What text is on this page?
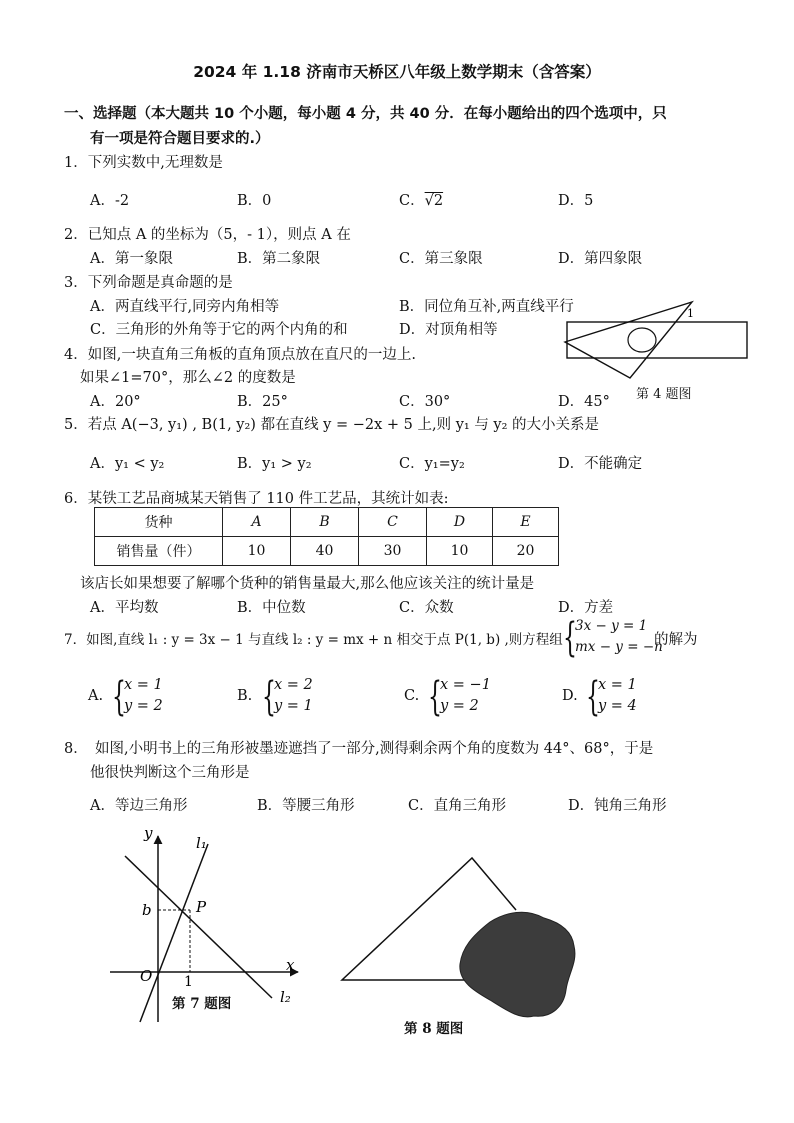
2024 年 1.18 济南市天桥区八年级上数学期末（含答案）
一、选择题（本大题共 10 个小题，每小题 4 分，共 40 分．在每小题给出的四个选项中，只
有一项是符合题目要求的.）
1．下列实数中,无理数是
A．-2	B．0	C．√2	D．5
2．已知点 A 的坐标为（5，- 1），则点 A 在
A．第一象限	B．第二象限	C．第三象限	D．第四象限
3．下列命题是真命题的是
A．两直线平行,同旁内角相等	B．同位角互补,两直线平行
C．三角形的外角等于它的两个内角的和	D．对顶角相等
4．如图,一块直角三角板的直角顶点放在直尺的一边上.
如果∠1=70°，那么∠2 的度数是
A．20°	B．25°	C．30°	D．45°
1
第 4 题图
5．若点 A(−3, y₁) , B(1, y₂) 都在直线 y = −2x + 5 上,则 y₁ 与 y₂ 的大小关系是
A．y₁ < y₂	B．y₁ > y₂	C．y₁=y₂	D．不能确定
6．某铁工艺品商城某天销售了 110 件工艺品，其统计如表:
货种	A	B	C	D	E
销售量（件）	10	40	30	10	20
该店长如果想要了解哪个货种的销售量最大,那么他应该关注的统计量是
A．平均数	B．中位数	C．众数	D．方差
7．如图,直线 l₁ : y = 3x − 1 与直线 l₂ : y = mx + n 相交于点 P(1, b) ,则方程组 {
3x − y = 1
mx − y = −n
的解为
A. {
x = 1
y = 2
B. {
x = 2
y = 1
C. {
x = −1
y = 2
D. {
x = 1
y = 4
8．　如图,小明书上的三角形被墨迹遮挡了一部分,测得剩余两个角的度数为 44°、68°，于是
他很快判断这个三角形是
A．等边三角形	B．等腰三角形	C．直角三角形	D．钝角三角形
y
x
O 1
b	P
l₁
l₂
第 7 题图
第 8 题图
